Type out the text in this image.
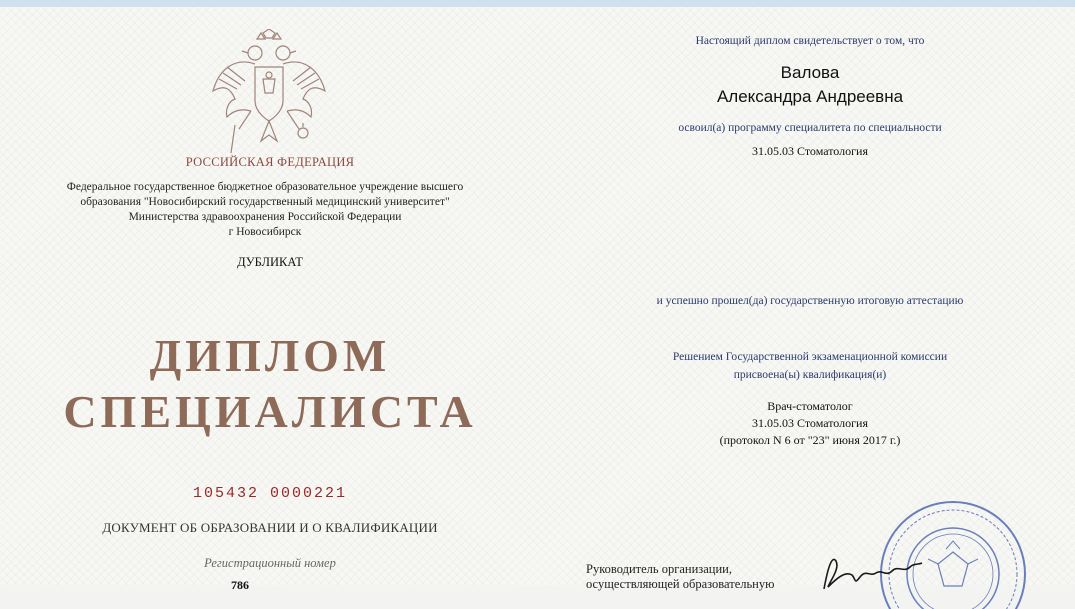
РОССИЙСКАЯ ФЕДЕРАЦИЯ
Федеральное государственное бюджетное образовательное учреждение высшего
образования "Новосибирский государственный медицинский университет"
Министерства здравоохранения Российской Федерации
г Новосибирск
ДУБЛИКАТ
ДИПЛОМ
СПЕЦИАЛИСТА
105432 0000221
ДОКУМЕНТ ОБ ОБРАЗОВАНИИ И О КВАЛИФИКАЦИИ
Регистрационный номер
786
Настоящий диплом свидетельствует о том, что
Валова
Александра Андреевна
освоил(а) программу специалитета по специальности
31.05.03 Стоматология
и успешно прошел(да) государственную итоговую аттестацию
Решением Государственной экзаменационной комиссии
присвоена(ы) квалификация(и)
Врач-стоматолог
31.05.03 Стоматология
(протокол N 6 от "23" июня 2017 г.)
Руководитель организации,
осуществляющей образовательную
